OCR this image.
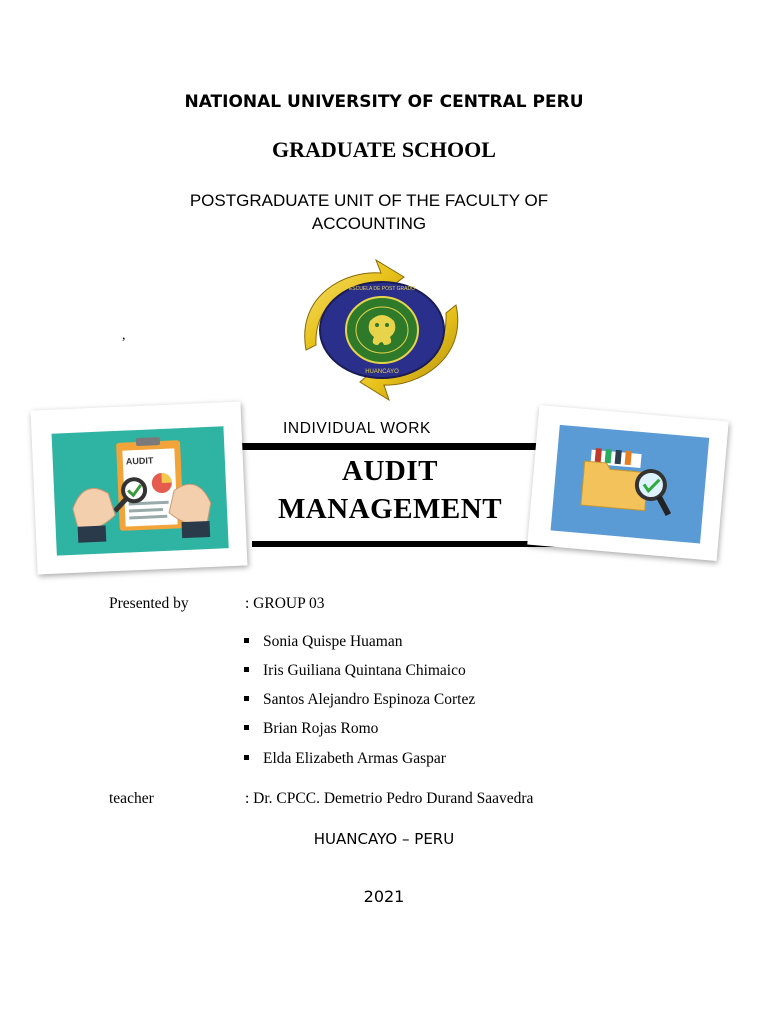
NATIONAL UNIVERSITY OF CENTRAL PERU
GRADUATE SCHOOL
POSTGRADUATE UNIT OF THE FACULTY OF
ACCOUNTING
,
ESCUELA DE POST GRADO
HUANCAYO
INDIVIDUAL WORK
AUDIT
MANAGEMENT
AUDIT
Presented by	: GROUP 03
Sonia Quispe Huaman
Iris Guiliana Quintana Chimaico
Santos Alejandro Espinoza Cortez
Brian Rojas Romo
Elda Elizabeth Armas Gaspar
teacher	: Dr. CPCC. Demetrio Pedro Durand Saavedra
HUANCAYO – PERU
2021
